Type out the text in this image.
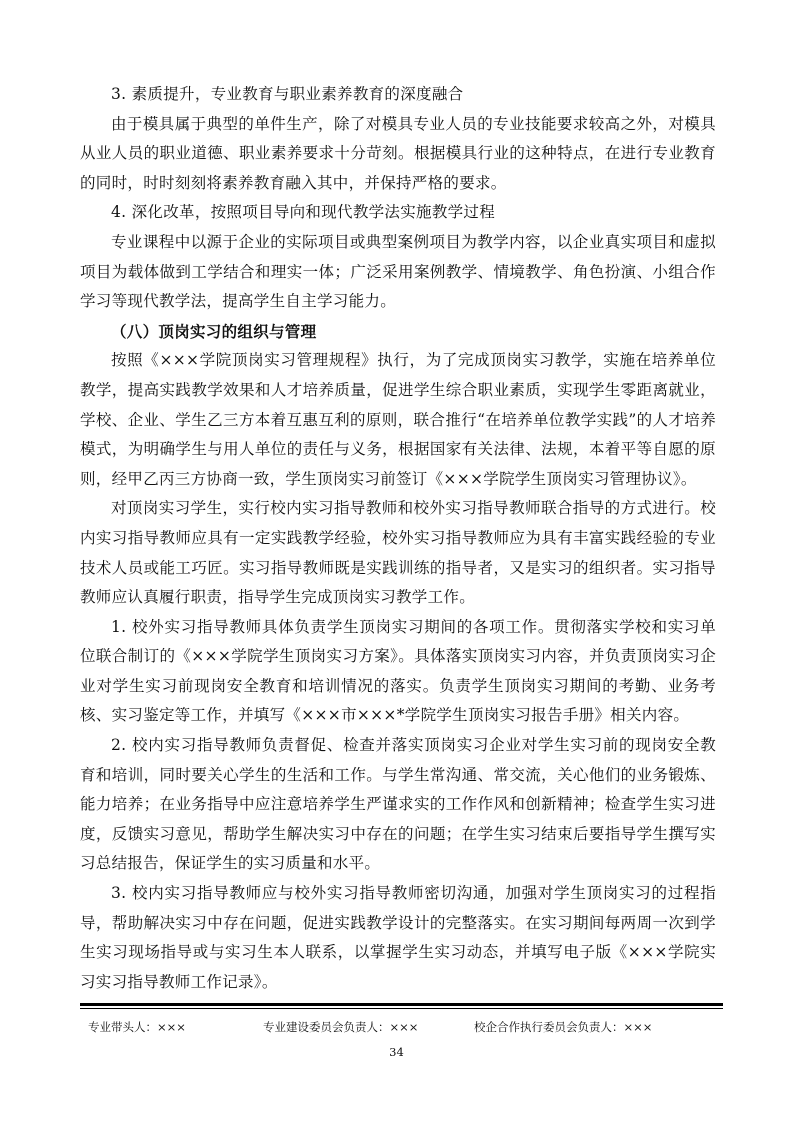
3. 素质提升，专业教育与职业素养教育的深度融合

由于模具属于典型的单件生产，除了对模具专业人员的专业技能要求较高之外，对模具从业人员的职业道德、职业素养要求十分苛刻。根据模具行业的这种特点，在进行专业教育的同时，时时刻刻将素养教育融入其中，并保持严格的要求。

4. 深化改革，按照项目导向和现代教学法实施教学过程

专业课程中以源于企业的实际项目或典型案例项目为教学内容，以企业真实项目和虚拟项目为载体做到工学结合和理实一体；广泛采用案例教学、情境教学、角色扮演、小组合作学习等现代教学法，提高学生自主学习能力。

（八）顶岗实习的组织与管理

按照《×××学院顶岗实习管理规程》执行，为了完成顶岗实习教学，实施在培养单位教学，提高实践教学效果和人才培养质量，促进学生综合职业素质，实现学生零距离就业，学校、企业、学生乙三方本着互惠互利的原则，联合推行“在培养单位教学实践”的人才培养模式，为明确学生与用人单位的责任与义务，根据国家有关法律、法规，本着平等自愿的原则，经甲乙丙三方协商一致，学生顶岗实习前签订《×××学院学生顶岗实习管理协议》。

对顶岗实习学生，实行校内实习指导教师和校外实习指导教师联合指导的方式进行。校内实习指导教师应具有一定实践教学经验，校外实习指导教师应为具有丰富实践经验的专业技术人员或能工巧匠。实习指导教师既是实践训练的指导者，又是实习的组织者。实习指导教师应认真履行职责，指导学生完成顶岗实习教学工作。

1. 校外实习指导教师具体负责学生顶岗实习期间的各项工作。贯彻落实学校和实习单位联合制订的《×××学院学生顶岗实习方案》。具体落实顶岗实习内容，并负责顶岗实习企业对学生实习前现岗安全教育和培训情况的落实。负责学生顶岗实习期间的考勤、业务考核、实习鉴定等工作，并填写《×××市×××*学院学生顶岗实习报告手册》相关内容。

2. 校内实习指导教师负责督促、检查并落实顶岗实习企业对学生实习前的现岗安全教育和培训，同时要关心学生的生活和工作。与学生常沟通、常交流，关心他们的业务锻炼、能力培养；在业务指导中应注意培养学生严谨求实的工作作风和创新精神；检查学生实习进度，反馈实习意见，帮助学生解决实习中存在的问题；在学生实习结束后要指导学生撰写实习总结报告，保证学生的实习质量和水平。

3. 校内实习指导教师应与校外实习指导教师密切沟通，加强对学生顶岗实习的过程指导，帮助解决实习中存在问题，促进实践教学设计的完整落实。在实习期间每两周一次到学生实习现场指导或与实习生本人联系，以掌握学生实习动态，并填写电子版《×××学院实习实习指导教师工作记录》。

专业带头人：×××	专业建设委员会负责人：×××	校企合作执行委员会负责人：×××
34
